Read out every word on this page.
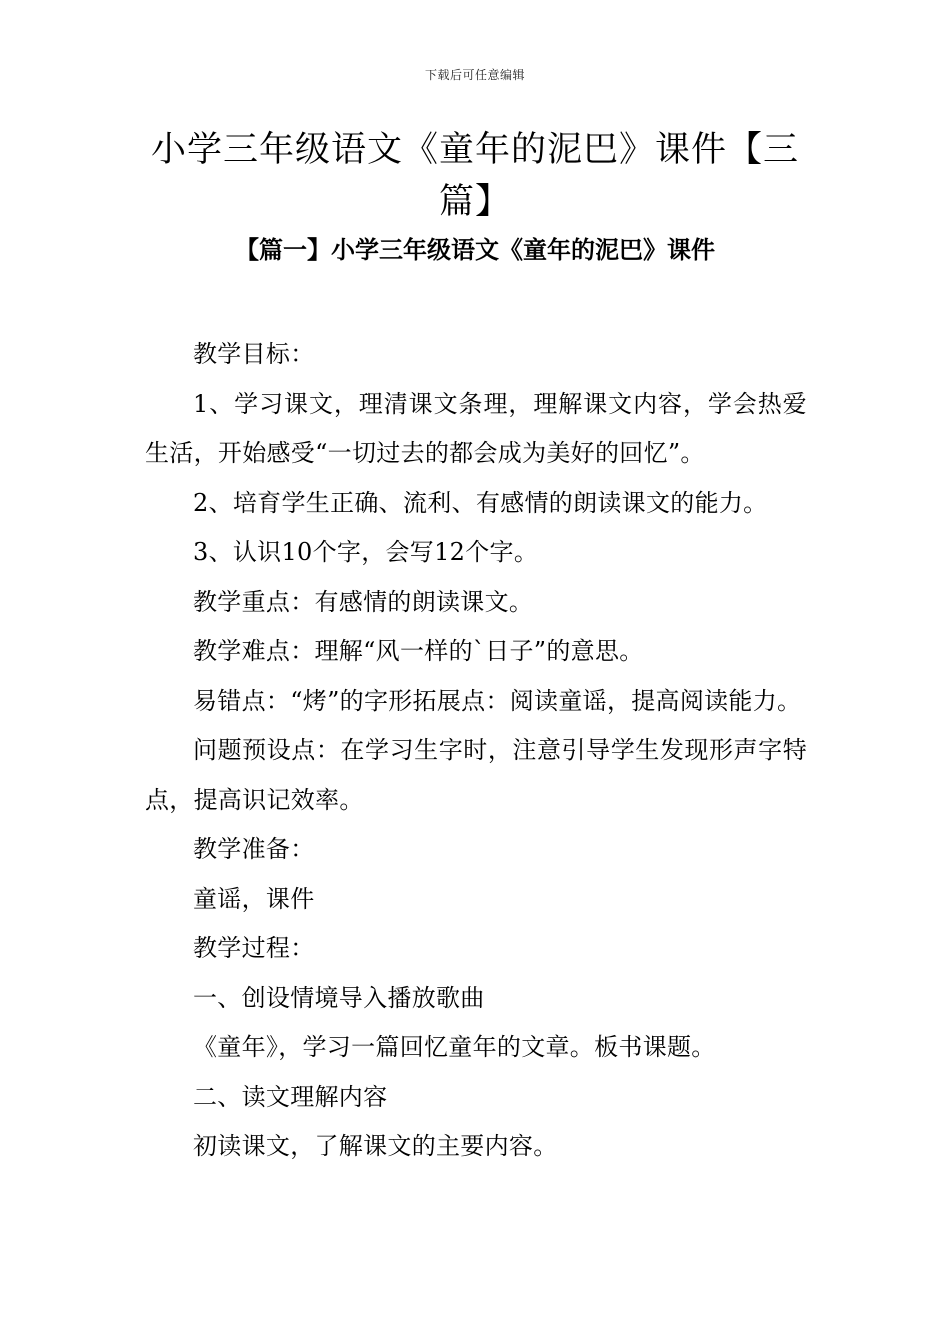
下载后可任意编辑
小学三年级语文《童年的泥巴》课件【三篇】
【篇一】小学三年级语文《童年的泥巴》课件

教学目标：

1、学习课文，理清课文条理，理解课文内容，学会热爱生活，开始感受“一切过去的都会成为美好的回忆”。

2、培育学生正确、流利、有感情的朗读课文的能力。

3、认识10个字，会写12个字。

教学重点：有感情的朗读课文。

教学难点：理解“风一样的`日子”的意思。

易错点：“烤”的字形拓展点：阅读童谣，提高阅读能力。

问题预设点：在学习生字时，注意引导学生发现形声字特点，提高识记效率。

教学准备：

童谣，课件

教学过程：

一、创设情境导入播放歌曲

《童年》，学习一篇回忆童年的文章。板书课题。

二、读文理解内容

初读课文，了解课文的主要内容。
